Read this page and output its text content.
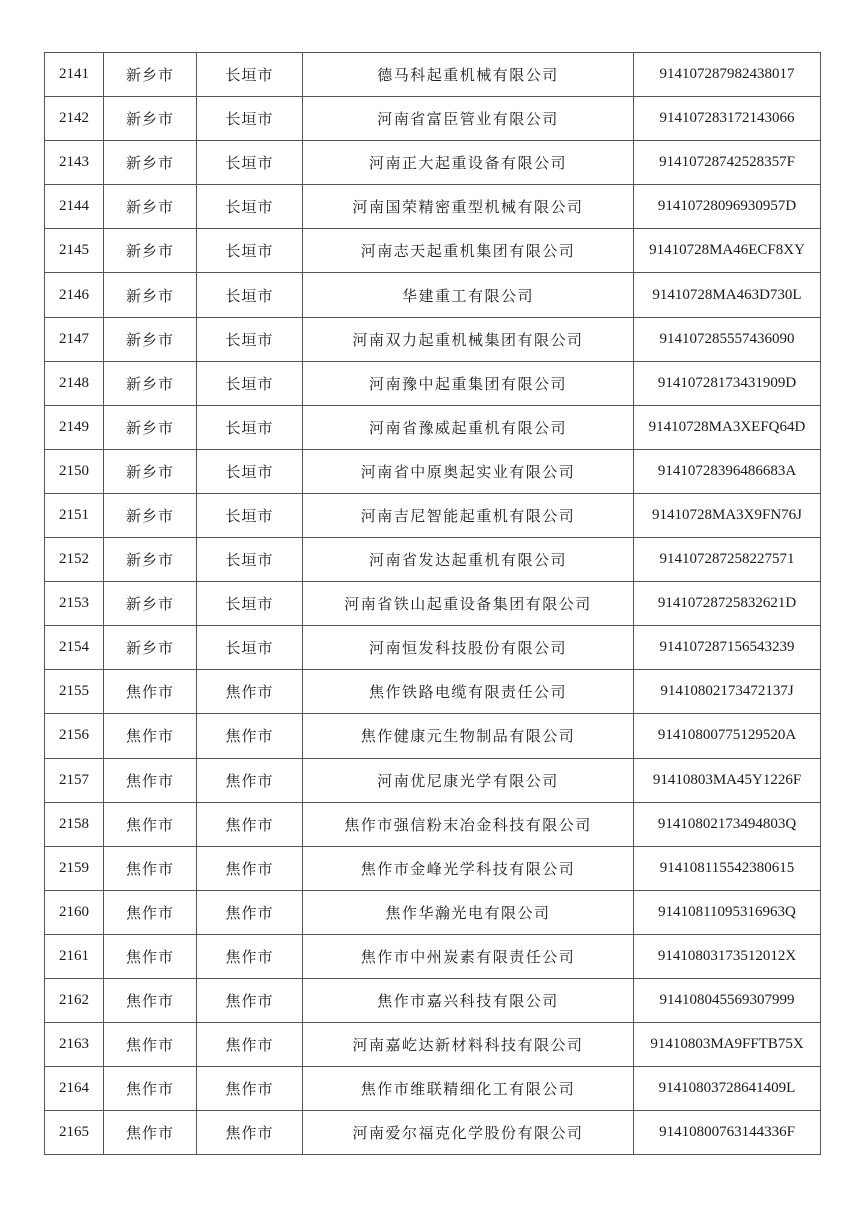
2141	新乡市	长垣市	德马科起重机械有限公司	914107287982438017
2142	新乡市	长垣市	河南省富臣管业有限公司	914107283172143066
2143	新乡市	长垣市	河南正大起重设备有限公司	91410728742528357F
2144	新乡市	长垣市	河南国荣精密重型机械有限公司	91410728096930957D
2145	新乡市	长垣市	河南志天起重机集团有限公司	91410728MA46ECF8XY
2146	新乡市	长垣市	华建重工有限公司	91410728MA463D730L
2147	新乡市	长垣市	河南双力起重机械集团有限公司	914107285557436090
2148	新乡市	长垣市	河南豫中起重集团有限公司	91410728173431909D
2149	新乡市	长垣市	河南省豫威起重机有限公司	91410728MA3XEFQ64D
2150	新乡市	长垣市	河南省中原奥起实业有限公司	91410728396486683A
2151	新乡市	长垣市	河南吉尼智能起重机有限公司	91410728MA3X9FN76J
2152	新乡市	长垣市	河南省发达起重机有限公司	914107287258227571
2153	新乡市	长垣市	河南省铁山起重设备集团有限公司	91410728725832621D
2154	新乡市	长垣市	河南恒发科技股份有限公司	914107287156543239
2155	焦作市	焦作市	焦作铁路电缆有限责任公司	91410802173472137J
2156	焦作市	焦作市	焦作健康元生物制品有限公司	91410800775129520A
2157	焦作市	焦作市	河南优尼康光学有限公司	91410803MA45Y1226F
2158	焦作市	焦作市	焦作市强信粉末冶金科技有限公司	91410802173494803Q
2159	焦作市	焦作市	焦作市金峰光学科技有限公司	914108115542380615
2160	焦作市	焦作市	焦作华瀚光电有限公司	91410811095316963Q
2161	焦作市	焦作市	焦作市中州炭素有限责任公司	91410803173512012X
2162	焦作市	焦作市	焦作市嘉兴科技有限公司	914108045569307999
2163	焦作市	焦作市	河南嘉屹达新材料科技有限公司	91410803MA9FFTB75X
2164	焦作市	焦作市	焦作市维联精细化工有限公司	91410803728641409L
2165	焦作市	焦作市	河南爱尔福克化学股份有限公司	91410800763144336F
